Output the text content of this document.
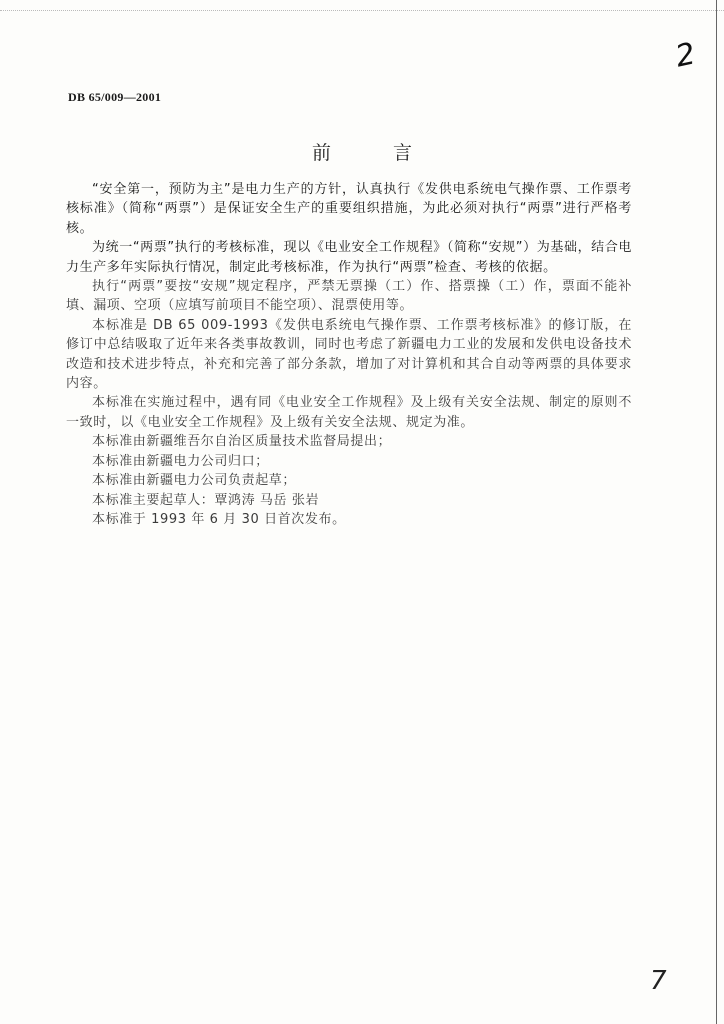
2
DB 65/009—2001
前 言

“安全第一，预防为主”是电力生产的方针，认真执行《发供电系统电气操作票、工作票考核标准》（简称“两票”）是保证安全生产的重要组织措施，为此必须对执行“两票”进行严格考核。

为统一“两票”执行的考核标准，现以《电业安全工作规程》（简称“安规”）为基础，结合电力生产多年实际执行情况，制定此考核标准，作为执行“两票”检查、考核的依据。

执行“两票”要按“安规”规定程序，严禁无票操（工）作、搭票操（工）作，票面不能补填、漏项、空项（应填写前项目不能空项）、混票使用等。

本标准是 DB 65 009-1993《发供电系统电气操作票、工作票考核标准》的修订版，在修订中总结吸取了近年来各类事故教训，同时也考虑了新疆电力工业的发展和发供电设备技术改造和技术进步特点，补充和完善了部分条款，增加了对计算机和其合自动等两票的具体要求内容。

本标准在实施过程中，遇有同《电业安全工作规程》及上级有关安全法规、制定的原则不一致时，以《电业安全工作规程》及上级有关安全法规、规定为准。

本标准由新疆维吾尔自治区质量技术监督局提出；

本标准由新疆电力公司归口；

本标准由新疆电力公司负责起草；

本标准主要起草人：覃鸿涛 马岳 张岩

本标准于 1993 年 6 月 30 日首次发布。

7
